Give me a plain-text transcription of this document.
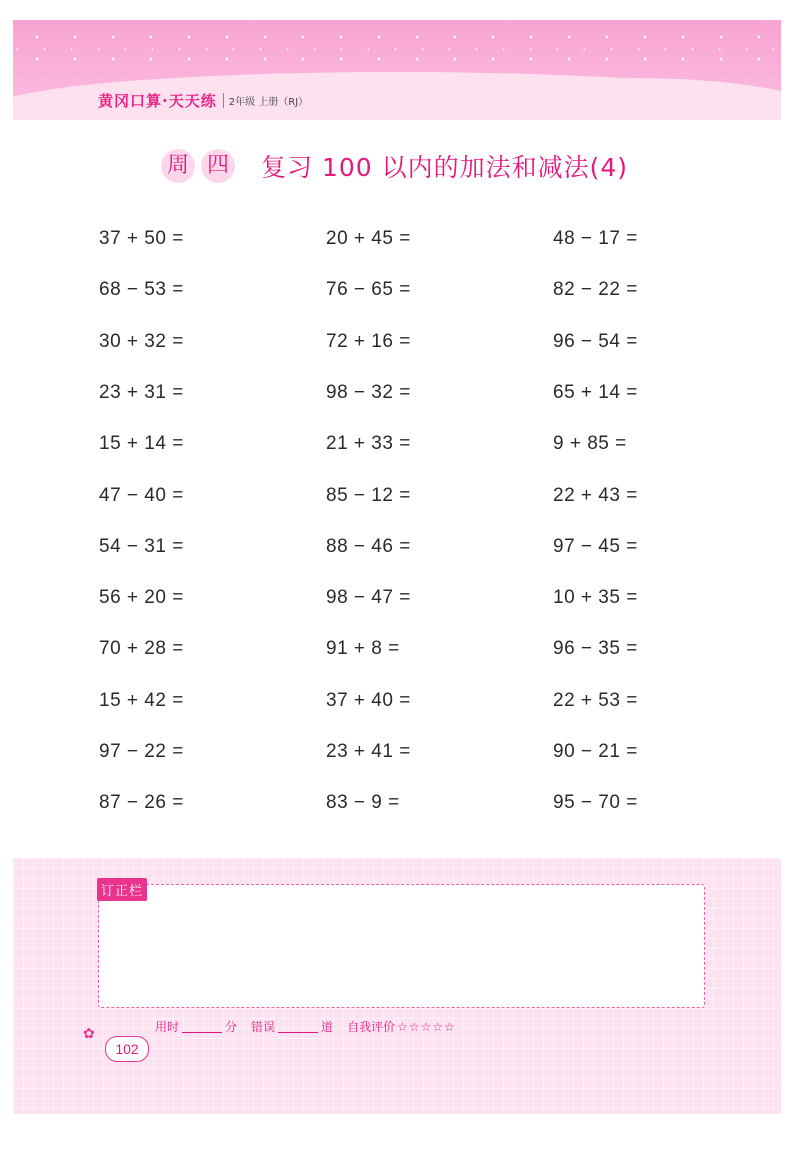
黄冈口算·天天练	2年级 上册（RJ）
周 四 复习 100 以内的加法和减法(4)
37 + 50 =	20 + 45 =	48 − 17 =
68 − 53 =	76 − 65 =	82 − 22 =
30 + 32 =	72 + 16 =	96 − 54 =
23 + 31 =	98 − 32 =	65 + 14 =
15 + 14 =	21 + 33 =	9 + 85 =
47 − 40 =	85 − 12 =	22 + 43 =
54 − 31 =	88 − 46 =	97 − 45 =
56 + 20 =	98 − 47 =	10 + 35 =
70 + 28 =	91 + 8 =	96 − 35 =
15 + 42 =	37 + 40 =	22 + 53 =
97 − 22 =	23 + 41 =	90 − 21 =
87 − 26 =	83 − 9 =	95 − 70 =
订正栏
用时	分 错误	道 自我评价 ☆☆☆☆☆
✿
102
